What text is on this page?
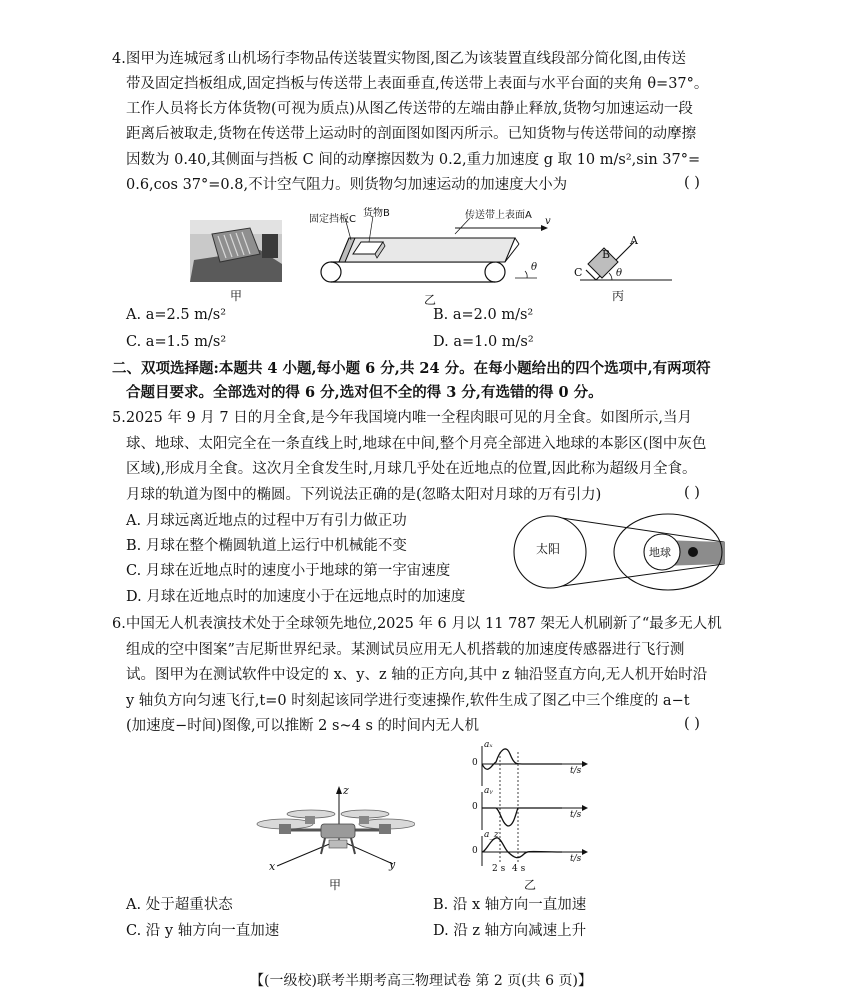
4.图甲为连城冠豸山机场行李物品传送装置实物图,图乙为该装置直线段部分简化图,由传送
带及固定挡板组成,固定挡板与传送带上表面垂直,传送带上表面与水平台面的夹角 θ=37°。
工作人员将长方体货物(可视为质点)从图乙传送带的左端由静止释放,货物匀加速运动一段
距离后被取走,货物在传送带上运动时的剖面图如图丙所示。已知货物与传送带间的动摩擦
因数为 0.40,其侧面与挡板 C 间的动摩擦因数为 0.2,重力加速度 g 取 10 m/s²,sin 37°=
0.6,cos 37°=0.8,不计空气阻力。则货物匀加速运动的加速度大小为	( )
甲
固定挡板C
货物B	传送带上表面A
v
θ
乙
A
B
C	θ
丙
A. a=2.5 m/s²	B. a=2.0 m/s²
C. a=1.5 m/s²	D. a=1.0 m/s²
二、双项选择题:本题共 4 小题,每小题 6 分,共 24 分。在每小题给出的四个选项中,有两项符
合题目要求。全部选对的得 6 分,选对但不全的得 3 分,有选错的得 0 分。
5.2025 年 9 月 7 日的月全食,是今年我国境内唯一全程肉眼可见的月全食。如图所示,当月
球、地球、太阳完全在一条直线上时,地球在中间,整个月亮全部进入地球的本影区(图中灰色
区域),形成月全食。这次月全食发生时,月球几乎处在近地点的位置,因此称为超级月全食。
月球的轨道为图中的椭圆。下列说法正确的是(忽略太阳对月球的万有引力)	( )
A. 月球远离近地点的过程中万有引力做正功
B. 月球在整个椭圆轨道上运行中机械能不变
C. 月球在近地点时的速度小于地球的第一宇宙速度
D. 月球在近地点时的加速度小于在远地点时的加速度
太阳	地球
6.中国无人机表演技术处于全球领先地位,2025 年 6 月以 11 787 架无人机刷新了“最多无人机
组成的空中图案”吉尼斯世界纪录。某测试员应用无人机搭载的加速度传感器进行飞行测
试。图甲为在测试软件中设定的 x、y、z 轴的正方向,其中 z 轴沿竖直方向,无人机开始时沿
y 轴负方向匀速飞行,t=0 时刻起该同学进行变速操作,软件生成了图乙中三个维度的 a−t
(加速度−时间)图像,可以推断 2 s~4 s 的时间内无人机	( )
z
x	y
甲
aₓ
aᵧ
a_z
0
0
0
t/s
t/s
t/s
2 s 4 s
乙
A. 处于超重状态	B. 沿 x 轴方向一直加速
C. 沿 y 轴方向一直加速	D. 沿 z 轴方向减速上升
【(一级校)联考半期考高三物理试卷 第 2 页(共 6 页)】
